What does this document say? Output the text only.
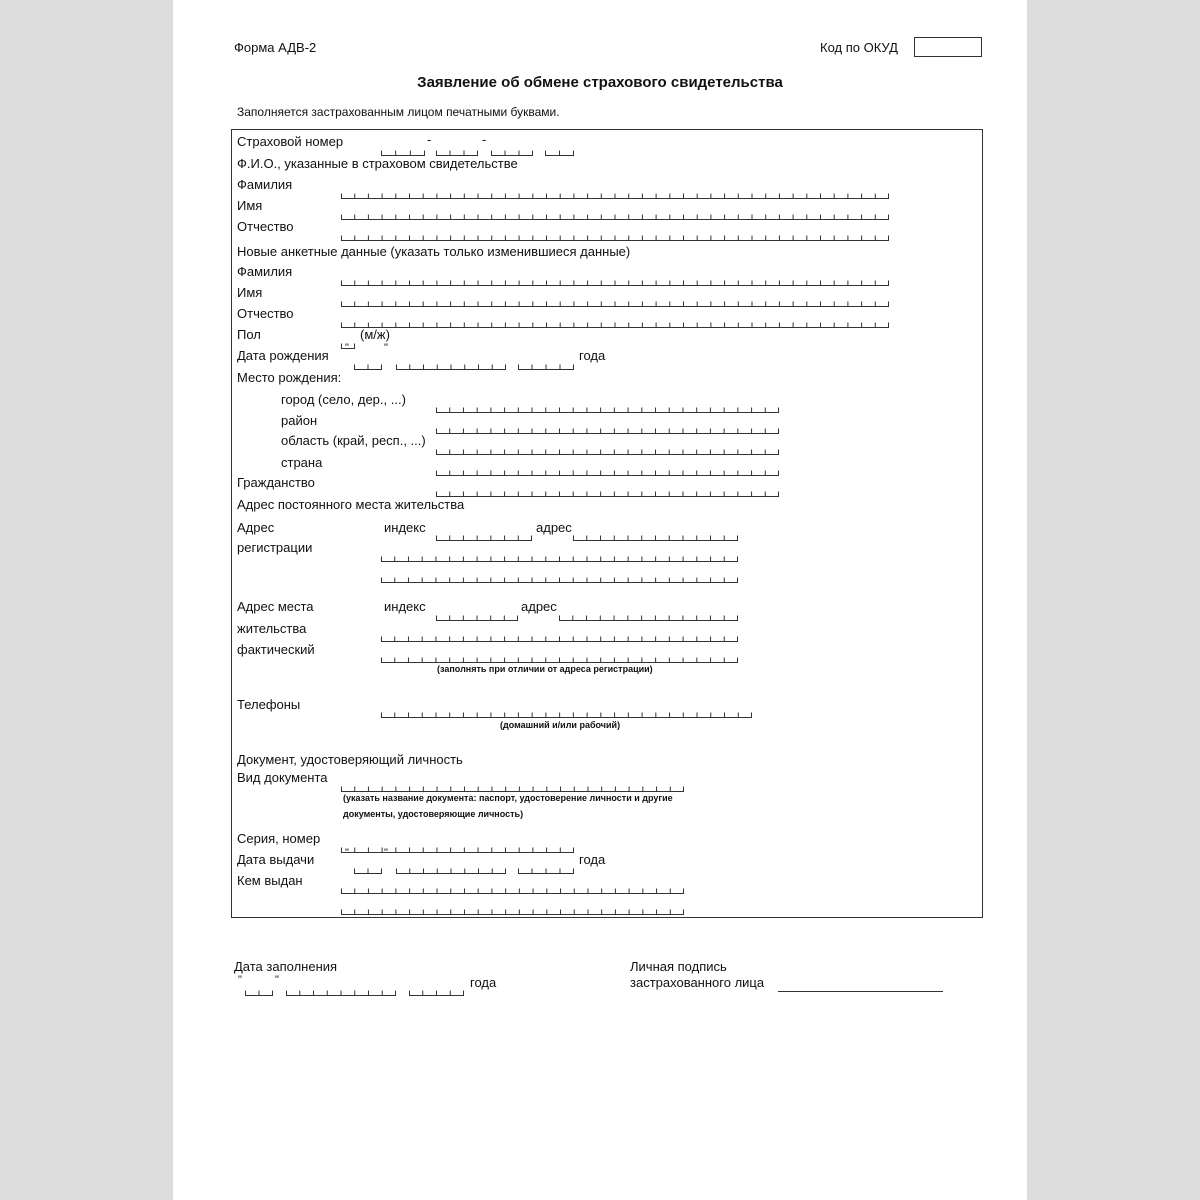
Форма АДВ-2	Код по ОКУД
Заявление об обмене страхового свидетельства
Заполняется застрахованным лицом печатными буквами.
Страховой номер	-	-
Ф.И.О., указанные в страховом свидетельстве
Фамилия
Имя
Отчество
Новые анкетные данные (указать только изменившиеся данные)
Фамилия
Имя
Отчество
Пол	(м/ж)
Дата рождения "	"	года
Место рождения:
город (село, дер., ...)
район
область (край, респ., ...)
страна
Гражданство
Адрес постоянного места жительства
Адрес
регистрации
индекс	адрес
Адрес места
жительства
фактический
индекс	адрес
(заполнять при отличии от адреса регистрации)
Телефоны
(домашний и/или рабочий)
Документ, удостоверяющий личность
Вид документа
(указать название документа: паспорт, удостоверение личности и другие
документы, удостоверяющие личность)
Серия, номер
Дата выдачи	"	"	года
Кем выдан
Дата заполнения
"	"	года
Личная подпись
застрахованного лица
